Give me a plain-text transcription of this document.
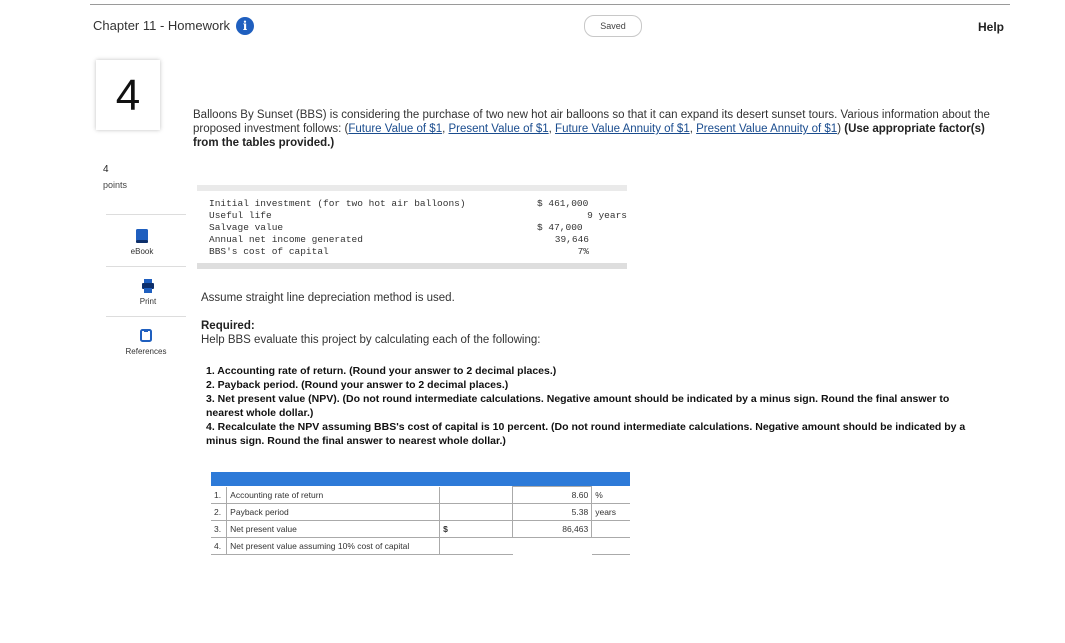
Chapter 11 - Homework	i	Saved	Help
4
4
points
eBook
Print
References
Balloons By Sunset (BBS) is considering the purchase of two new hot air balloons so that it can expand its desert sunset tours. Various information about the proposed investment follows: (Future Value of $1, Present Value of $1, Future Value Annuity of $1, Present Value Annuity of $1) (Use appropriate factor(s) from the tables provided.)
Initial investment (for two hot air balloons)	$ 461,000
Useful life	9 years
Salvage value	$ 47,000
Annual net income generated	39,646
BBS's cost of capital	7%
Assume straight line depreciation method is used.
Required:
Help BBS evaluate this project by calculating each of the following:

1. Accounting rate of return. (Round your answer to 2 decimal places.)

2. Payback period. (Round your answer to 2 decimal places.)

3. Net present value (NPV). (Do not round intermediate calculations. Negative amount should be indicated by a minus sign. Round the final answer to nearest whole dollar.)

4. Recalculate the NPV assuming BBS's cost of capital is 10 percent. (Do not round intermediate calculations. Negative amount should be indicated by a minus sign. Round the final answer to nearest whole dollar.)

1.	Accounting rate of return		8.60	%
2.	Payback period		5.38	years
3.	Net present value	$	86,463	
4.	Net present value assuming 10% cost of capital			
